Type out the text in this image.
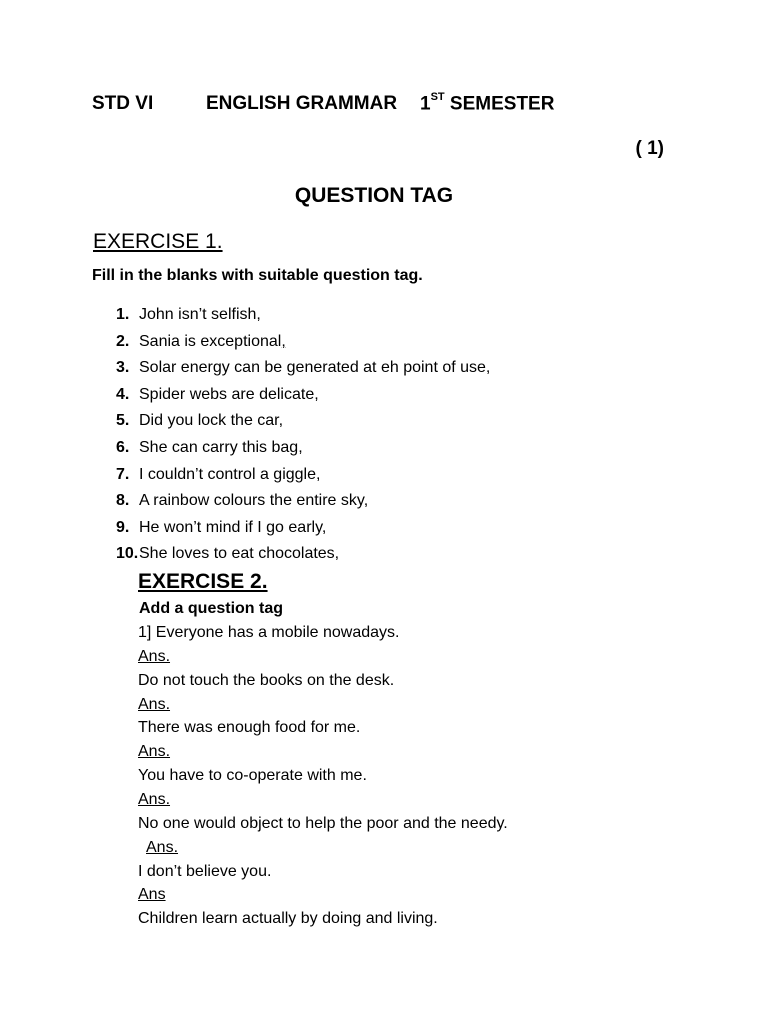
STD VI	ENGLISH GRAMMAR 1ST SEMESTER
( 1)
QUESTION TAG
EXERCISE 1.
Fill in the blanks with suitable question tag.
1. John isn’t selfish,
2. Sania is exceptional,
3. Solar energy can be generated at eh point of use,
4. Spider webs are delicate,
5. Did you lock the car,
6. She can carry this bag,
7. I couldn’t control a giggle,
8. A rainbow colours the entire sky,
9. He won’t mind if I go early,
10.She loves to eat chocolates,
EXERCISE 2.
Add a question tag
1] Everyone has a mobile nowadays.
Ans.
Do not touch the books on the desk.
Ans.
There was enough food for me.
Ans.
You have to co-operate with me.
Ans.
No one would object to help the poor and the needy.
Ans.
I don’t believe you.
Ans
Children learn actually by doing and living.
